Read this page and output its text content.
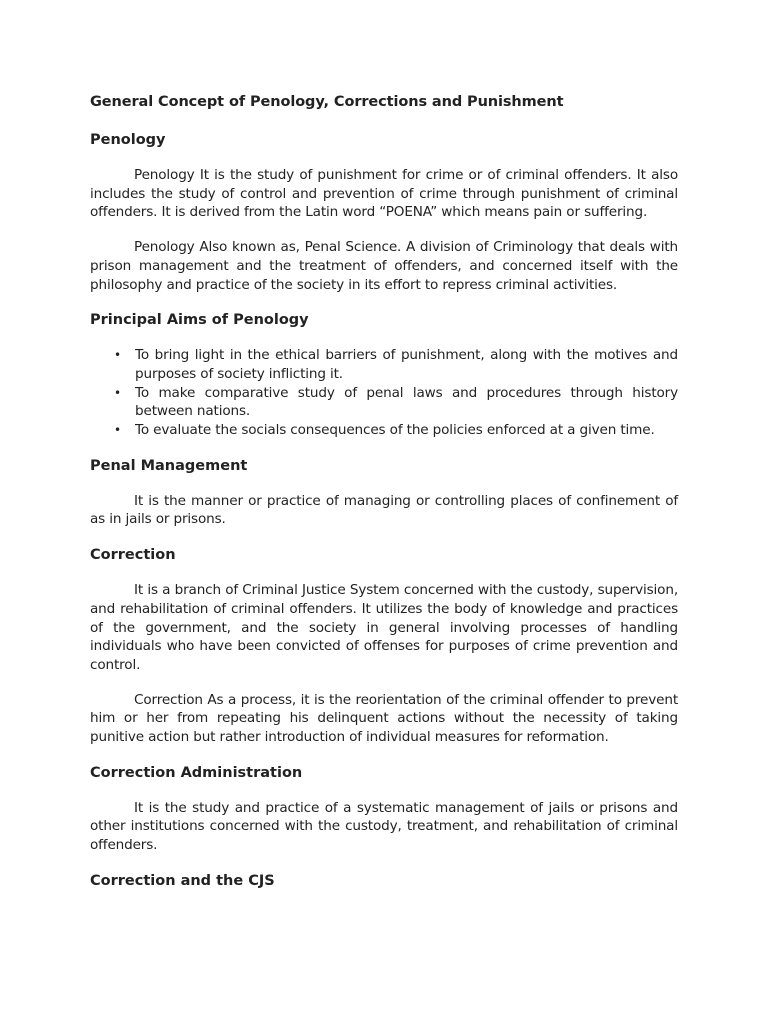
General Concept of Penology, Corrections and Punishment
Penology

Penology It is the study of punishment for crime or of criminal offenders. It also includes the study of control and prevention of crime through punishment of criminal offenders. It is derived from the Latin word “POENA” which means pain or suffering.

Penology Also known as, Penal Science. A division of Criminology that deals with prison management and the treatment of offenders, and concerned itself with the philosophy and practice of the society in its effort to repress criminal activities.

Principal Aims of Penology
• To bring light in the ethical barriers of punishment, along with the motives and purposes of society inflicting it.
• To make comparative study of penal laws and procedures through history between nations.
• To evaluate the socials consequences of the policies enforced at a given time.
Penal Management

It is the manner or practice of managing or controlling places of confinement of as in jails or prisons.

Correction

It is a branch of Criminal Justice System concerned with the custody, supervision, and rehabilitation of criminal offenders. It utilizes the body of knowledge and practices of the government, and the society in general involving processes of handling individuals who have been convicted of offenses for purposes of crime prevention and control.

Correction As a process, it is the reorientation of the criminal offender to prevent him or her from repeating his delinquent actions without the necessity of taking punitive action but rather introduction of individual measures for reformation.

Correction Administration

It is the study and practice of a systematic management of jails or prisons and other institutions concerned with the custody, treatment, and rehabilitation of criminal offenders.

Correction and the CJS
